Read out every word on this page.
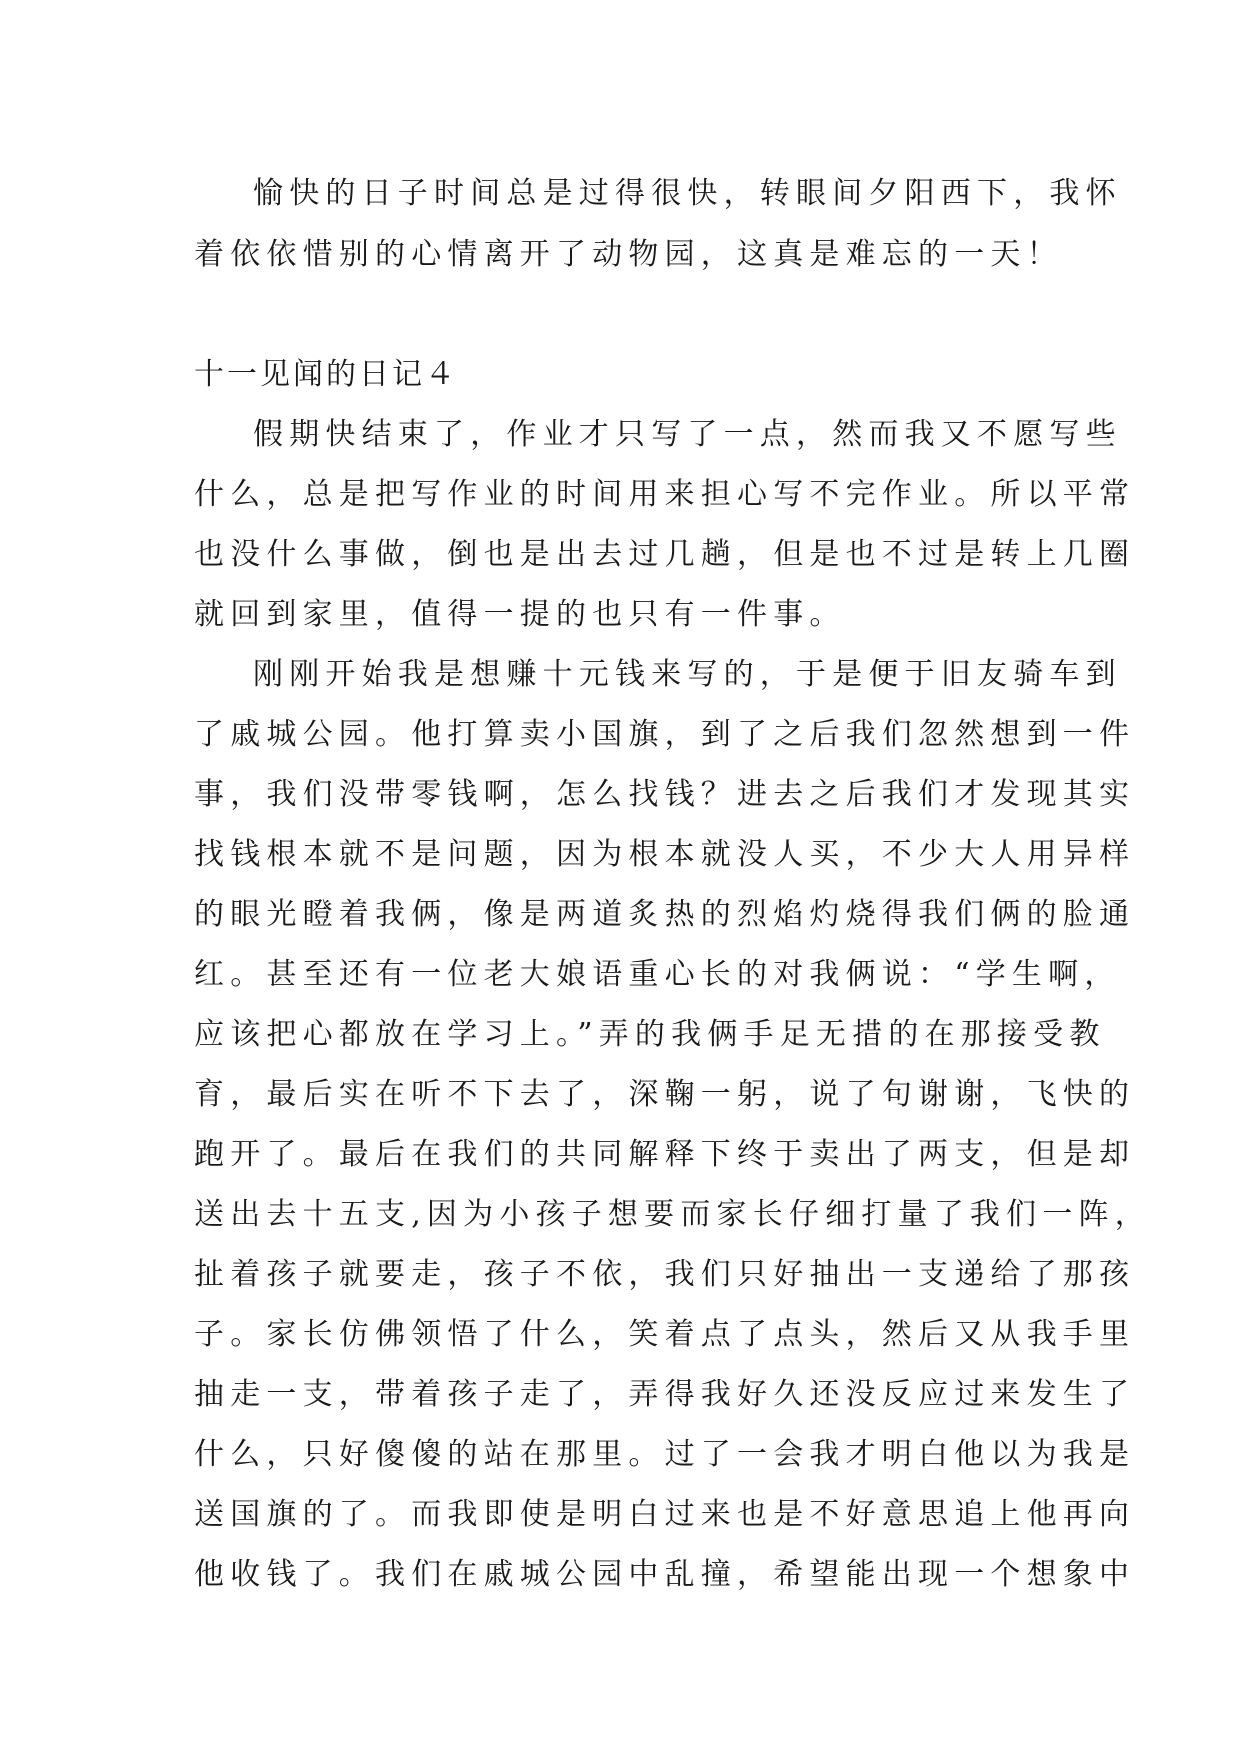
愉快的日子时间总是过得很快，转眼间夕阳西下，我怀
着依依惜别的心情离开了动物园，这真是难忘的一天！
十一见闻的日记４
假期快结束了，作业才只写了一点，然而我又不愿写些
什么，总是把写作业的时间用来担心写不完作业。所以平常
也没什么事做，倒也是出去过几趟，但是也不过是转上几圈
就回到家里，值得一提的也只有一件事。
刚刚开始我是想赚十元钱来写的，于是便于旧友骑车到
了戚城公园。他打算卖小国旗，到了之后我们忽然想到一件
事，我们没带零钱啊，怎么找钱？进去之后我们才发现其实
找钱根本就不是问题，因为根本就没人买，不少大人用异样
的眼光瞪着我俩，像是两道炙热的烈焰灼烧得我们俩的脸通
红。甚至还有一位老大娘语重心长的对我俩说：“学生啊，
应该把心都放在学习上。”弄的我俩手足无措的在那接受教
育，最后实在听不下去了，深鞠一躬，说了句谢谢，飞快的
跑开了。最后在我们的共同解释下终于卖出了两支，但是却
送出去十五支,因为小孩子想要而家长仔细打量了我们一阵，
扯着孩子就要走，孩子不依，我们只好抽出一支递给了那孩
子。家长仿佛领悟了什么，笑着点了点头，然后又从我手里
抽走一支，带着孩子走了，弄得我好久还没反应过来发生了
什么，只好傻傻的站在那里。过了一会我才明白他以为我是
送国旗的了。而我即使是明白过来也是不好意思追上他再向
他收钱了。我们在戚城公园中乱撞，希望能出现一个想象中
